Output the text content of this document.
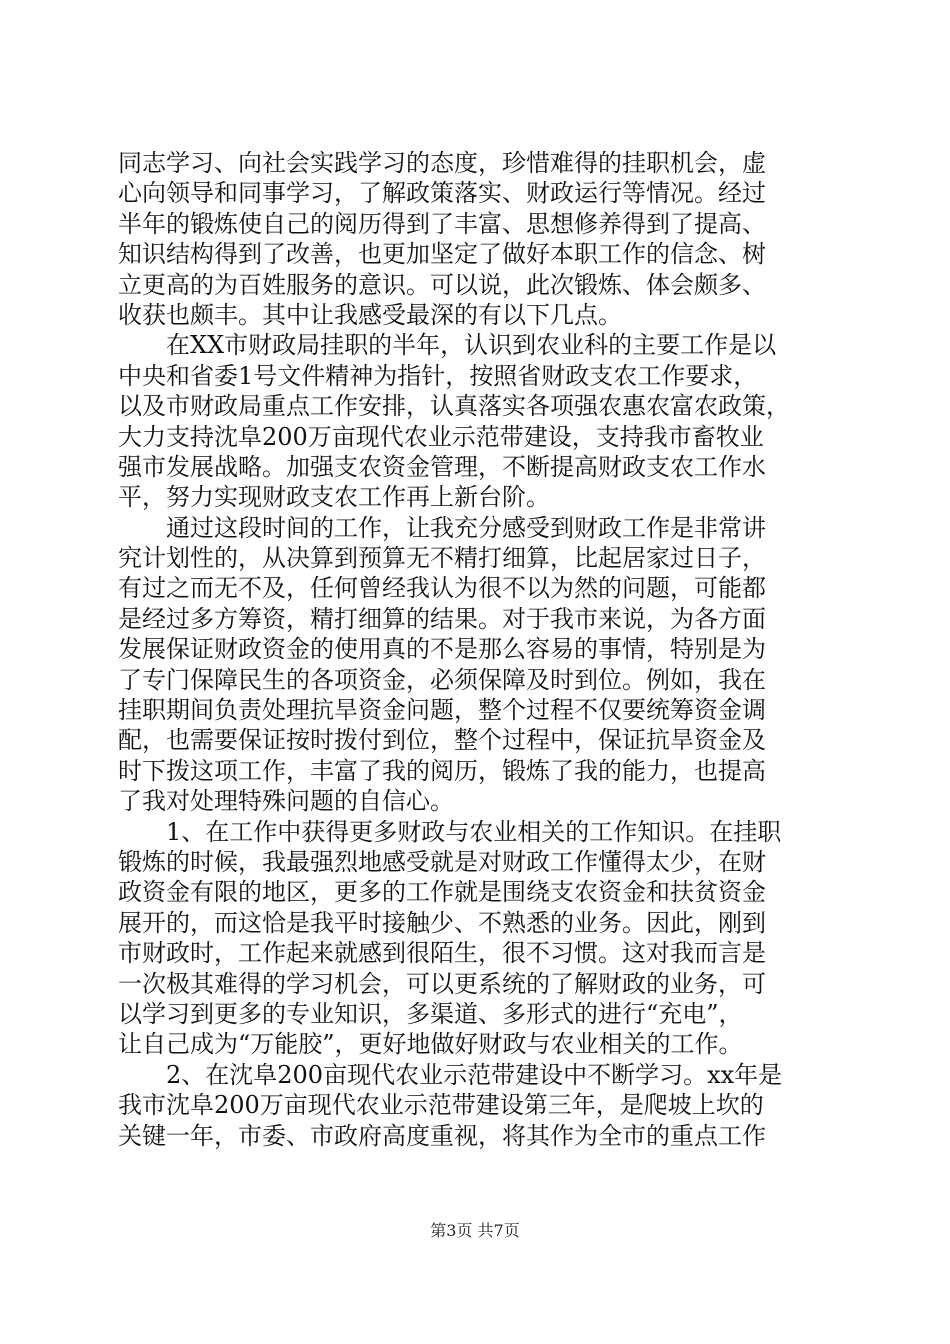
同志学习、向社会实践学习的态度，珍惜难得的挂职机会，虚
心向领导和同事学习，了解政策落实、财政运行等情况。经过
半年的锻炼使自己的阅历得到了丰富、思想修养得到了提高、
知识结构得到了改善，也更加坚定了做好本职工作的信念、树
立更高的为百姓服务的意识。可以说，此次锻炼、体会颇多、
收获也颇丰。其中让我感受最深的有以下几点。
在XX市财政局挂职的半年，认识到农业科的主要工作是以
中央和省委1号文件精神为指针，按照省财政支农工作要求，
以及市财政局重点工作安排，认真落实各项强农惠农富农政策，
大力支持沈阜200万亩现代农业示范带建设，支持我市畜牧业
强市发展战略。加强支农资金管理，不断提高财政支农工作水
平，努力实现财政支农工作再上新台阶。
通过这段时间的工作，让我充分感受到财政工作是非常讲
究计划性的，从决算到预算无不精打细算，比起居家过日子，
有过之而无不及，任何曾经我认为很不以为然的问题，可能都
是经过多方筹资，精打细算的结果。对于我市来说，为各方面
发展保证财政资金的使用真的不是那么容易的事情，特别是为
了专门保障民生的各项资金，必须保障及时到位。例如，我在
挂职期间负责处理抗旱资金问题，整个过程不仅要统筹资金调
配，也需要保证按时拨付到位，整个过程中，保证抗旱资金及
时下拨这项工作，丰富了我的阅历，锻炼了我的能力，也提高
了我对处理特殊问题的自信心。
1、在工作中获得更多财政与农业相关的工作知识。在挂职
锻炼的时候，我最强烈地感受就是对财政工作懂得太少，在财
政资金有限的地区，更多的工作就是围绕支农资金和扶贫资金
展开的，而这恰是我平时接触少、不熟悉的业务。因此，刚到
市财政时，工作起来就感到很陌生，很不习惯。这对我而言是
一次极其难得的学习机会，可以更系统的了解财政的业务，可
以学习到更多的专业知识，多渠道、多形式的进行“充电”，
让自己成为“万能胶”，更好地做好财政与农业相关的工作。
2、在沈阜200亩现代农业示范带建设中不断学习。xx年是
我市沈阜200万亩现代农业示范带建设第三年，是爬坡上坎的
关键一年，市委、市政府高度重视，将其作为全市的重点工作
第3页 共7页
